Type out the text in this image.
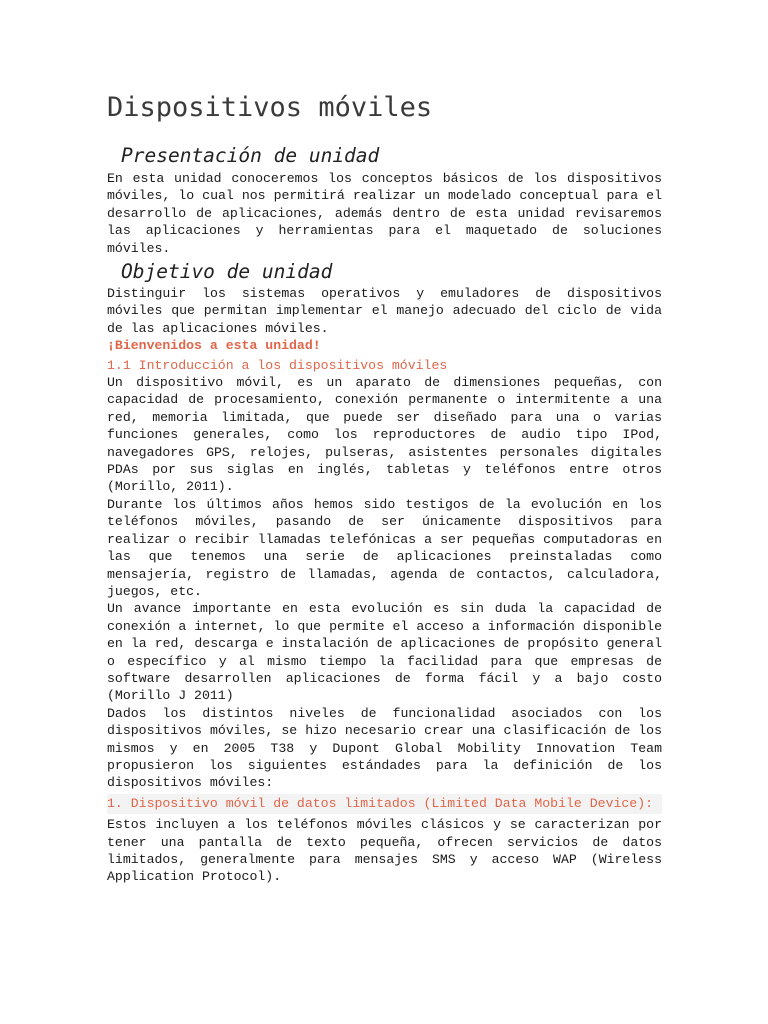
Dispositivos móviles
Presentación de unidad

En esta unidad conoceremos los conceptos básicos de los dispositivos móviles, lo cual nos permitirá realizar un modelado conceptual para el desarrollo de aplicaciones, además dentro de esta unidad revisaremos las aplicaciones y herramientas para el maquetado de soluciones móviles.

Objetivo de unidad

Distinguir los sistemas operativos y emuladores de dispositivos móviles que permitan implementar el manejo adecuado del ciclo de vida de las aplicaciones móviles.

¡Bienvenidos a esta unidad!

1.1 Introducción a los dispositivos móviles

Un dispositivo móvil, es un aparato de dimensiones pequeñas, con capacidad de procesamiento, conexión permanente o intermitente a una red, memoria limitada, que puede ser diseñado para una o varias funciones generales, como los reproductores de audio tipo IPod, navegadores GPS, relojes, pulseras, asistentes personales digitales PDAs por sus siglas en inglés, tabletas y teléfonos entre otros (Morillo, 2011).

Durante los últimos años hemos sido testigos de la evolución en los teléfonos móviles, pasando de ser únicamente dispositivos para realizar o recibir llamadas telefónicas a ser pequeñas computadoras en las que tenemos una serie de aplicaciones preinstaladas como mensajería, registro de llamadas, agenda de contactos, calculadora, juegos, etc.

Un avance importante en esta evolución es sin duda la capacidad de conexión a internet, lo que permite el acceso a información disponible en la red, descarga e instalación de aplicaciones de propósito general o específico y al mismo tiempo la facilidad para que empresas de software desarrollen aplicaciones de forma fácil y a bajo costo (Morillo J 2011)

Dados los distintos niveles de funcionalidad asociados con los dispositivos móviles, se hizo necesario crear una clasificación de los mismos y en 2005 T38 y Dupont Global Mobility Innovation Team propusieron los siguientes estándades para la definición de los dispositivos móviles:

1. Dispositivo móvil de datos limitados (Limited Data Mobile Device):

Estos incluyen a los teléfonos móviles clásicos y se caracterizan por tener una pantalla de texto pequeña, ofrecen servicios de datos limitados, generalmente para mensajes SMS y acceso WAP (Wireless Application Protocol).
